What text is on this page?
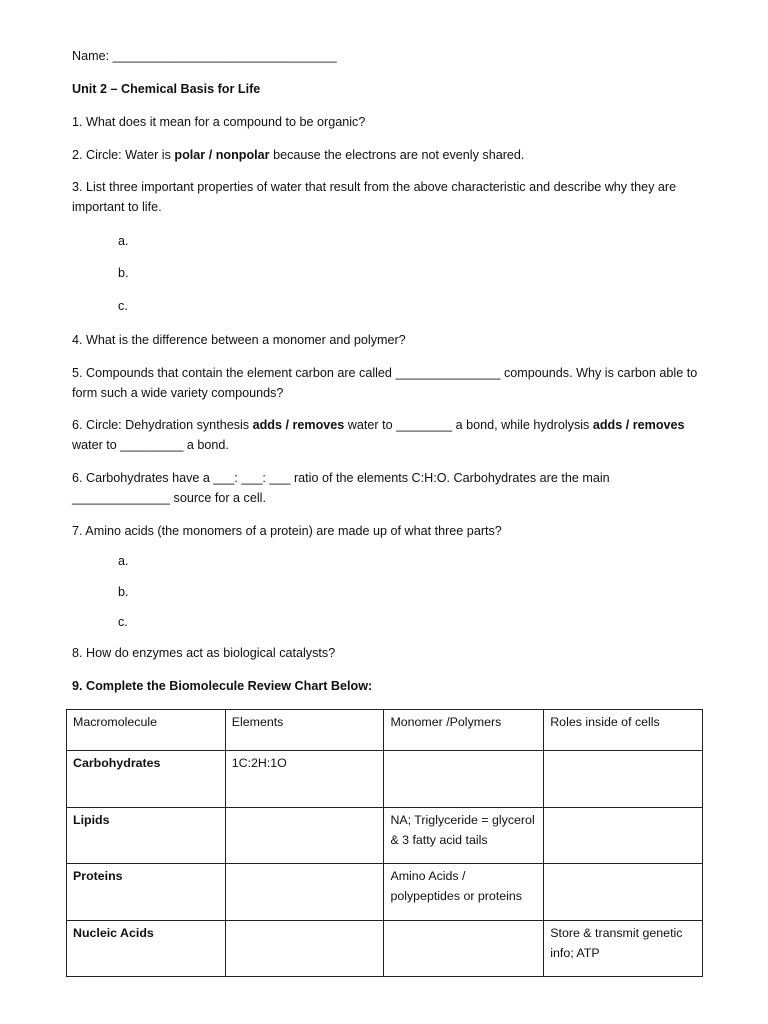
Name: ________________________________
Unit 2 – Chemical Basis for Life
1. What does it mean for a compound to be organic?
2. Circle: Water is polar / nonpolar because the electrons are not evenly shared.
3. List three important properties of water that result from the above characteristic and describe why they are important to life.
a.
b.
c.
4. What is the difference between a monomer and polymer?
5. Compounds that contain the element carbon are called _______________ compounds. Why is carbon able to form such a wide variety compounds?
6. Circle: Dehydration synthesis adds / removes water to ________ a bond, while hydrolysis adds / removes water to _________ a bond.
6. Carbohydrates have a ___: ___: ___ ratio of the elements C:H:O. Carbohydrates are the main ______________ source for a cell.
7. Amino acids (the monomers of a protein) are made up of what three parts?
a.
b.
c.
8. How do enzymes act as biological catalysts?
9. Complete the Biomolecule Review Chart Below:
Macromolecule	Elements	Monomer /Polymers	Roles inside of cells
Carbohydrates	1C:2H:1O		
Lipids		NA; Triglyceride = glycerol & 3 fatty acid tails	
Proteins		Amino Acids / polypeptides or proteins	
Nucleic Acids			Store & transmit genetic info; ATP
